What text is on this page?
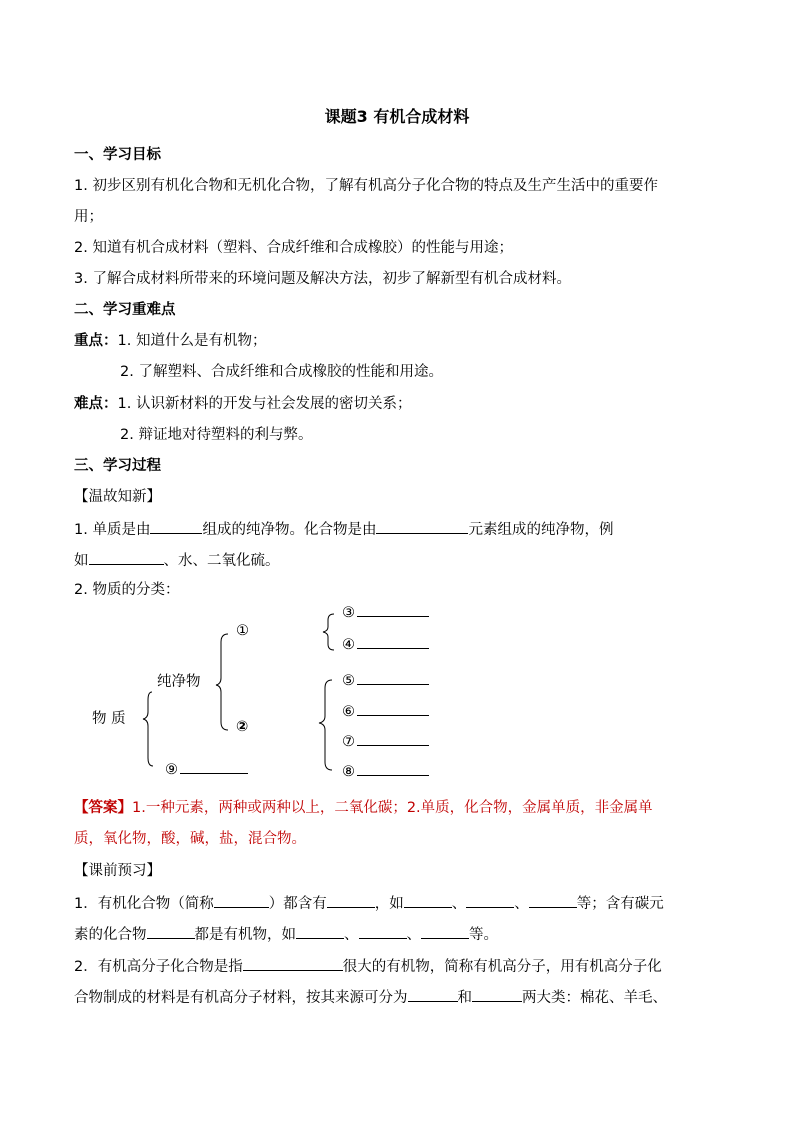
课题3 有机合成材料
一、学习目标
1. 初步区别有机化合物和无机化合物，了解有机高分子化合物的特点及生产生活中的重要作
用；
2. 知道有机合成材料（塑料、合成纤维和合成橡胶）的性能与用途；
3. 了解合成材料所带来的环境问题及解决方法，初步了解新型有机合成材料。
二、学习重难点
重点：1. 知道什么是有机物；
2. 了解塑料、合成纤维和合成橡胶的性能和用途。
难点：1. 认识新材料的开发与社会发展的密切关系；
2. 辩证地对待塑料的利与弊。
三、学习过程
【温故知新】
1. 单质是由	组成的纯净物。化合物是由	元素组成的纯净物，例
如	、水、二氧化硫。
2. 物质的分类：
物 质
纯净物
①
②
⑨
③
④
⑤
⑥
⑦
⑧
【答案】1.一种元素，两种或两种以上，二氧化碳；2.单质，化合物，金属单质，非金属单
质，氧化物，酸，碱，盐，混合物。
【课前预习】
1．有机化合物（简称	）都含有	，如	、	、	等；含有碳元
素的化合物	都是有机物，如	、	、	等。
2．有机高分子化合物是指	很大的有机物，简称有机高分子，用有机高分子化
合物制成的材料是有机高分子材料，按其来源可分为	和	两大类：棉花、羊毛、
